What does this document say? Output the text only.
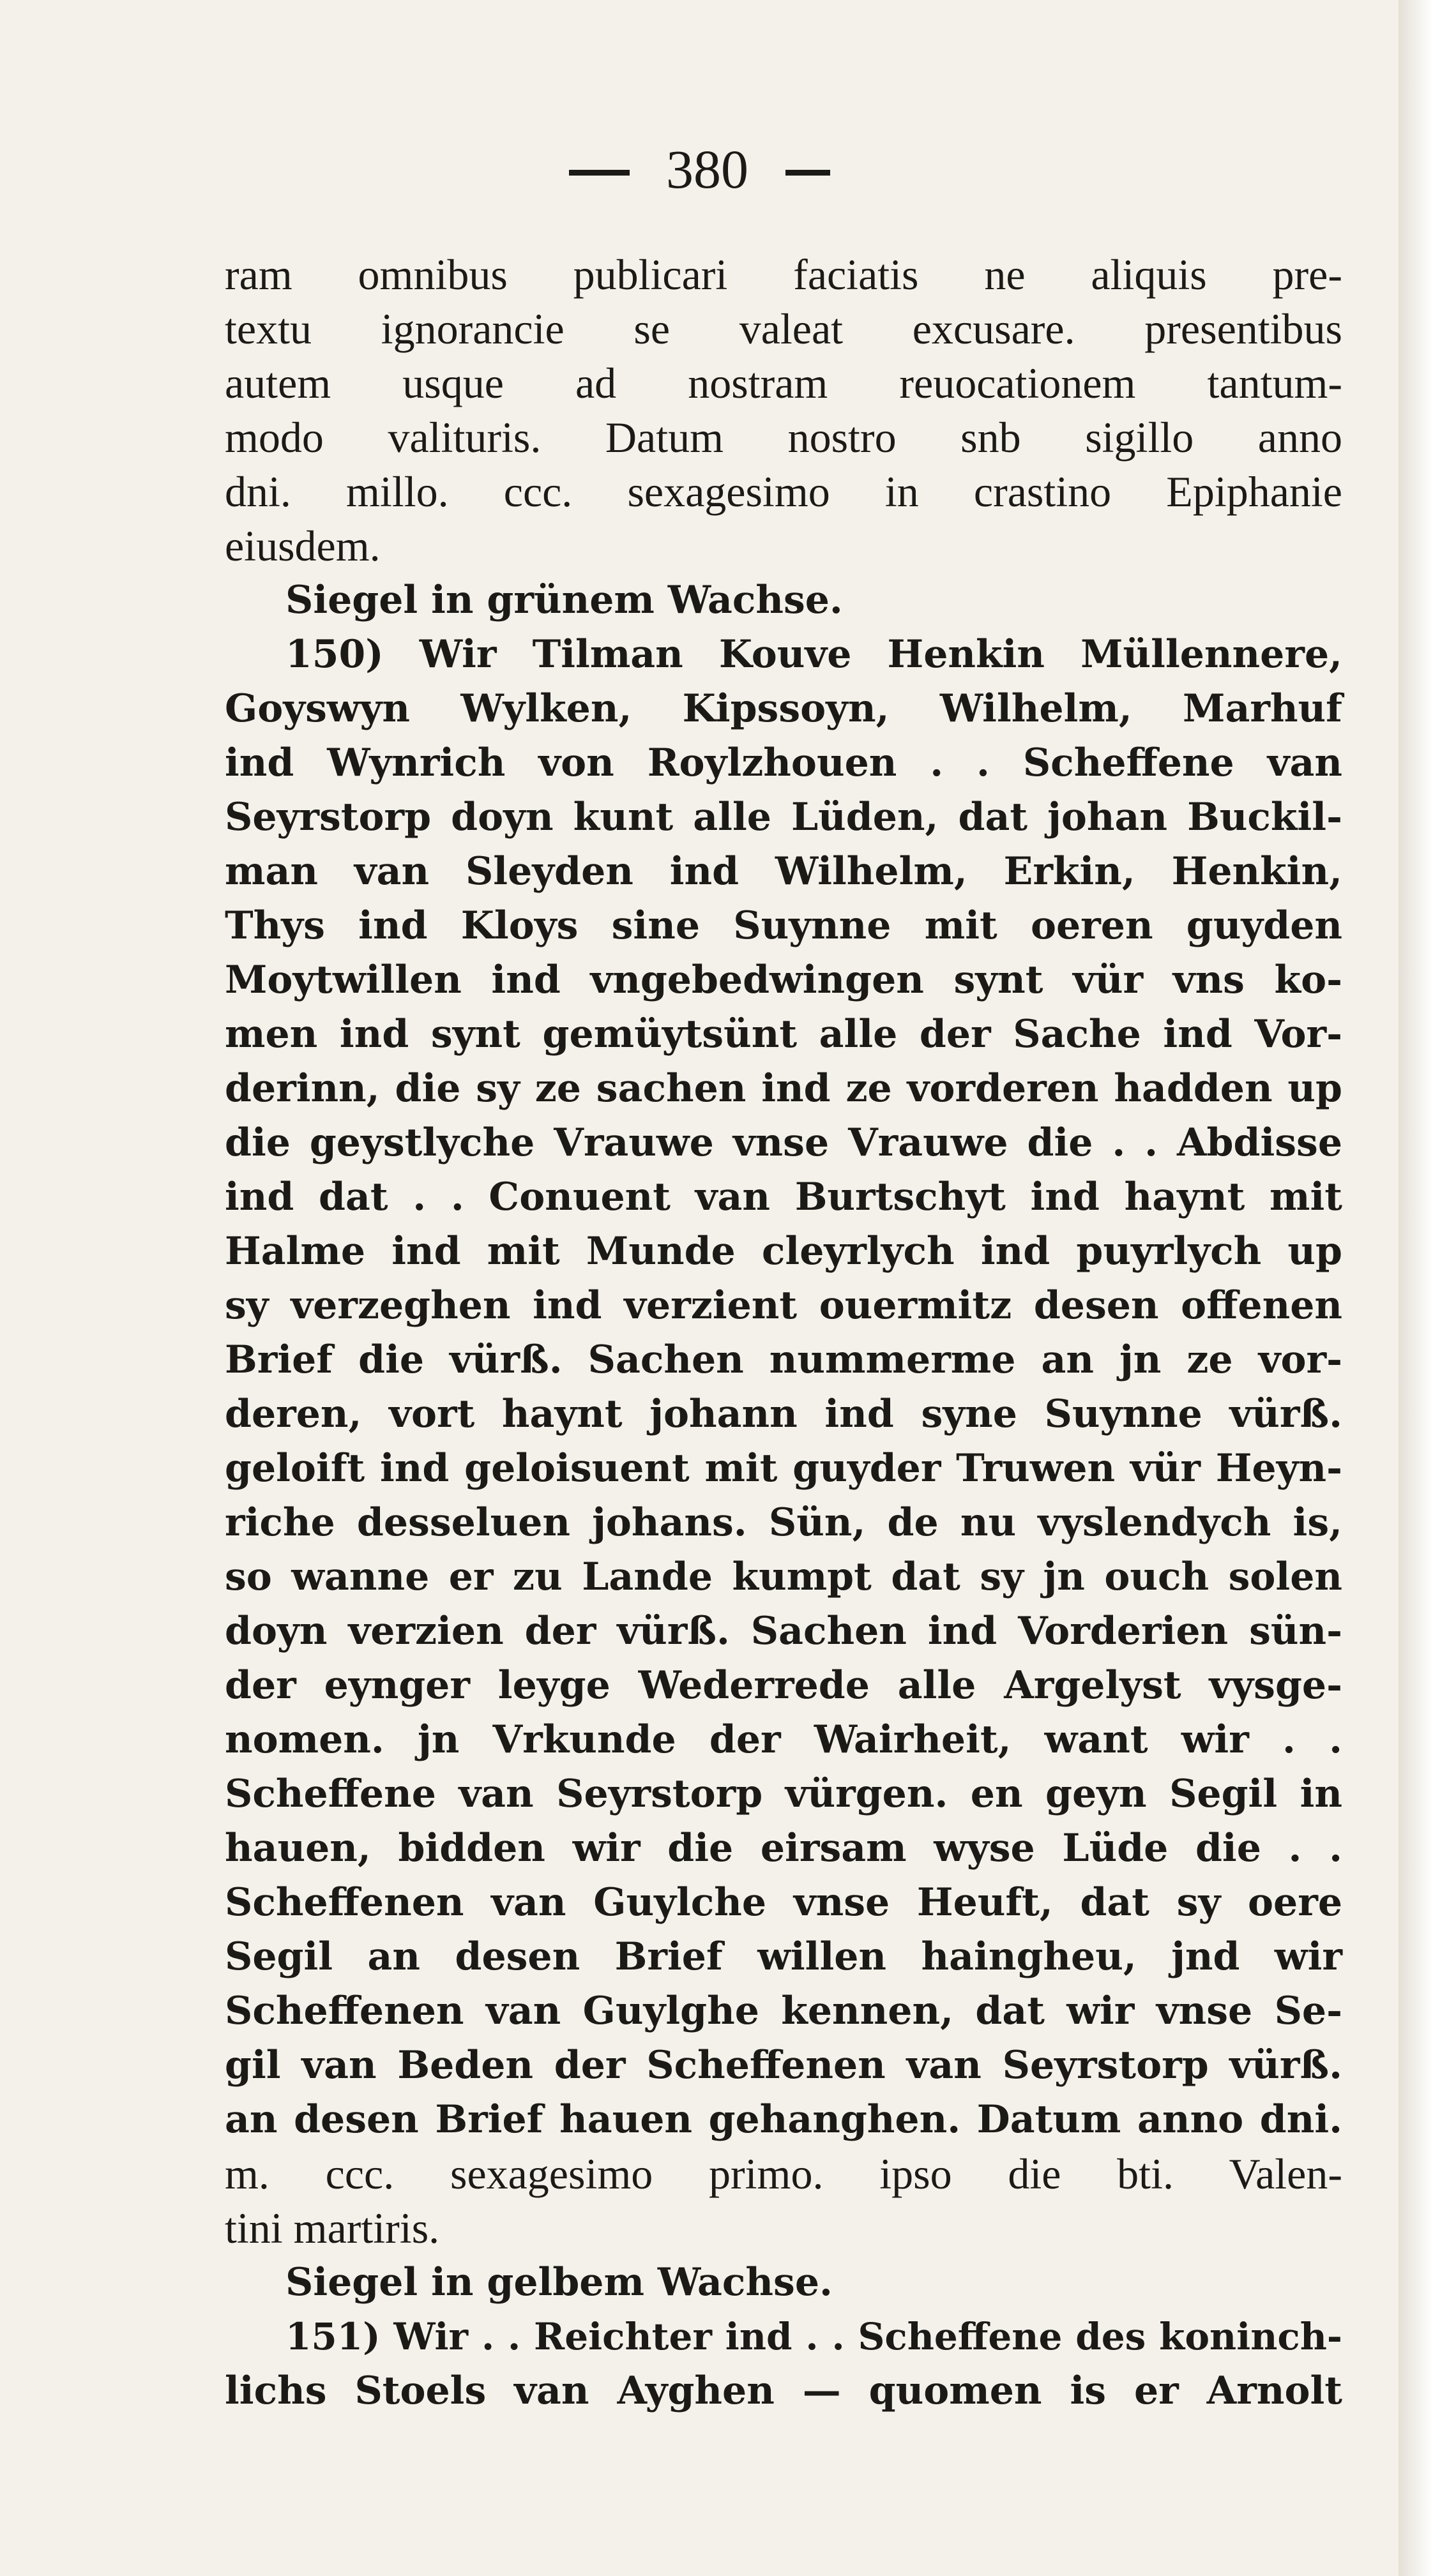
380
ram omnibus publicari faciatis ne aliquis pre-
textu ignorancie se valeat excusare. presentibus
autem usque ad nostram reuocationem tantum-
modo valituris. Datum nostro snb sigillo anno
dni. millo. ccc. sexagesimo in crastino Epiphanie
eiusdem.
Siegel in grünem Wachse.
150) Wir Tilman Kouve Henkin Müllennere,
Goyswyn Wylken, Kipssoyn, Wilhelm, Marhuf
ind Wynrich von Roylzhouen . . Scheffene van
Seyrstorp doyn kunt alle Lüden, dat johan Buckil-
man van Sleyden ind Wilhelm, Erkin, Henkin,
Thys ind Kloys sine Suynne mit oeren guyden
Moytwillen ind vngebedwingen synt vür vns ko-
men ind synt gemüytsünt alle der Sache ind Vor-
derinn, die sy ze sachen ind ze vorderen hadden up
die geystlyche Vrauwe vnse Vrauwe die . . Abdisse
ind dat . . Conuent van Burtschyt ind haynt mit
Halme ind mit Munde cleyrlych ind puyrlych up
sy verzeghen ind verzient ouermitz desen offenen
Brief die vürß. Sachen nummerme an jn ze vor-
deren, vort haynt johann ind syne Suynne vürß.
geloift ind geloisuent mit guyder Truwen vür Heyn-
riche desseluen johans. Sün, de nu vyslendych is,
so wanne er zu Lande kumpt dat sy jn ouch solen
doyn verzien der vürß. Sachen ind Vorderien sün-
der eynger leyge Wederrede alle Argelyst vysge-
nomen. jn Vrkunde der Wairheit, want wir . .
Scheffene van Seyrstorp vürgen. en geyn Segil in
hauen, bidden wir die eirsam wyse Lüde die . .
Scheffenen van Guylche vnse Heuft, dat sy oere
Segil an desen Brief willen haingheu, jnd wir
Scheffenen van Guylghe kennen, dat wir vnse Se-
gil van Beden der Scheffenen van Seyrstorp vürß.
an desen Brief hauen gehanghen. Datum anno dni.
m. ccc. sexagesimo primo. ipso die bti. Valen-
tini martiris.
Siegel in gelbem Wachse.
151) Wir . . Reichter ind . . Scheffene des koninch-
lichs Stoels van Ayghen — quomen is er Arnolt
